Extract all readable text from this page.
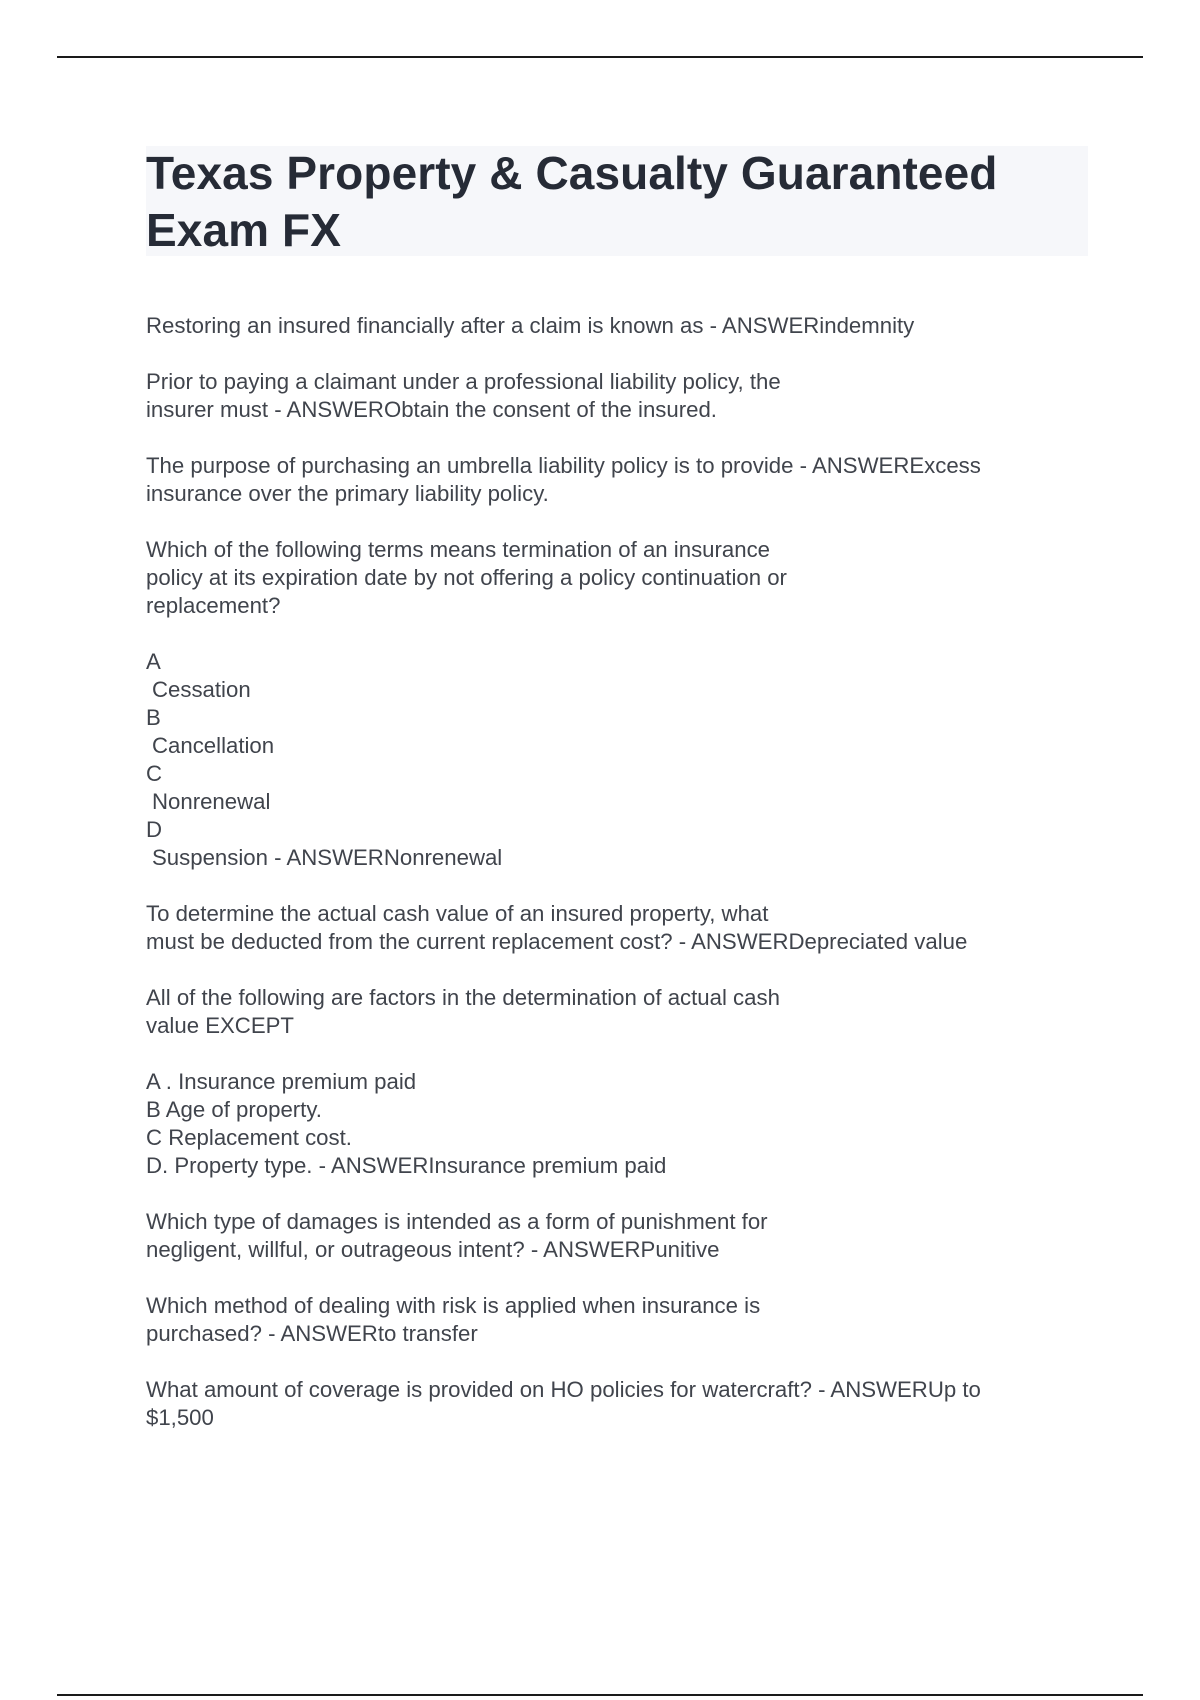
Texas Property & Casualty Guaranteed
Exam FX

Restoring an insured financially after a claim is known as - ANSWERindemnity

Prior to paying a claimant under a professional liability policy, the
insurer must - ANSWERObtain the consent of the insured.

The purpose of purchasing an umbrella liability policy is to provide - ANSWERExcess
insurance over the primary liability policy.

Which of the following terms means termination of an insurance
policy at its expiration date by not offering a policy continuation or
replacement?

A
Cessation
B
Cancellation
C
Nonrenewal
D
Suspension - ANSWERNonrenewal

To determine the actual cash value of an insured property, what
must be deducted from the current replacement cost? - ANSWERDepreciated value

All of the following are factors in the determination of actual cash
value EXCEPT

A . Insurance premium paid
B Age of property.
C Replacement cost.
D. Property type. - ANSWERInsurance premium paid

Which type of damages is intended as a form of punishment for
negligent, willful, or outrageous intent? - ANSWERPunitive

Which method of dealing with risk is applied when insurance is
purchased? - ANSWERto transfer

What amount of coverage is provided on HO policies for watercraft? - ANSWERUp to
$1,500
